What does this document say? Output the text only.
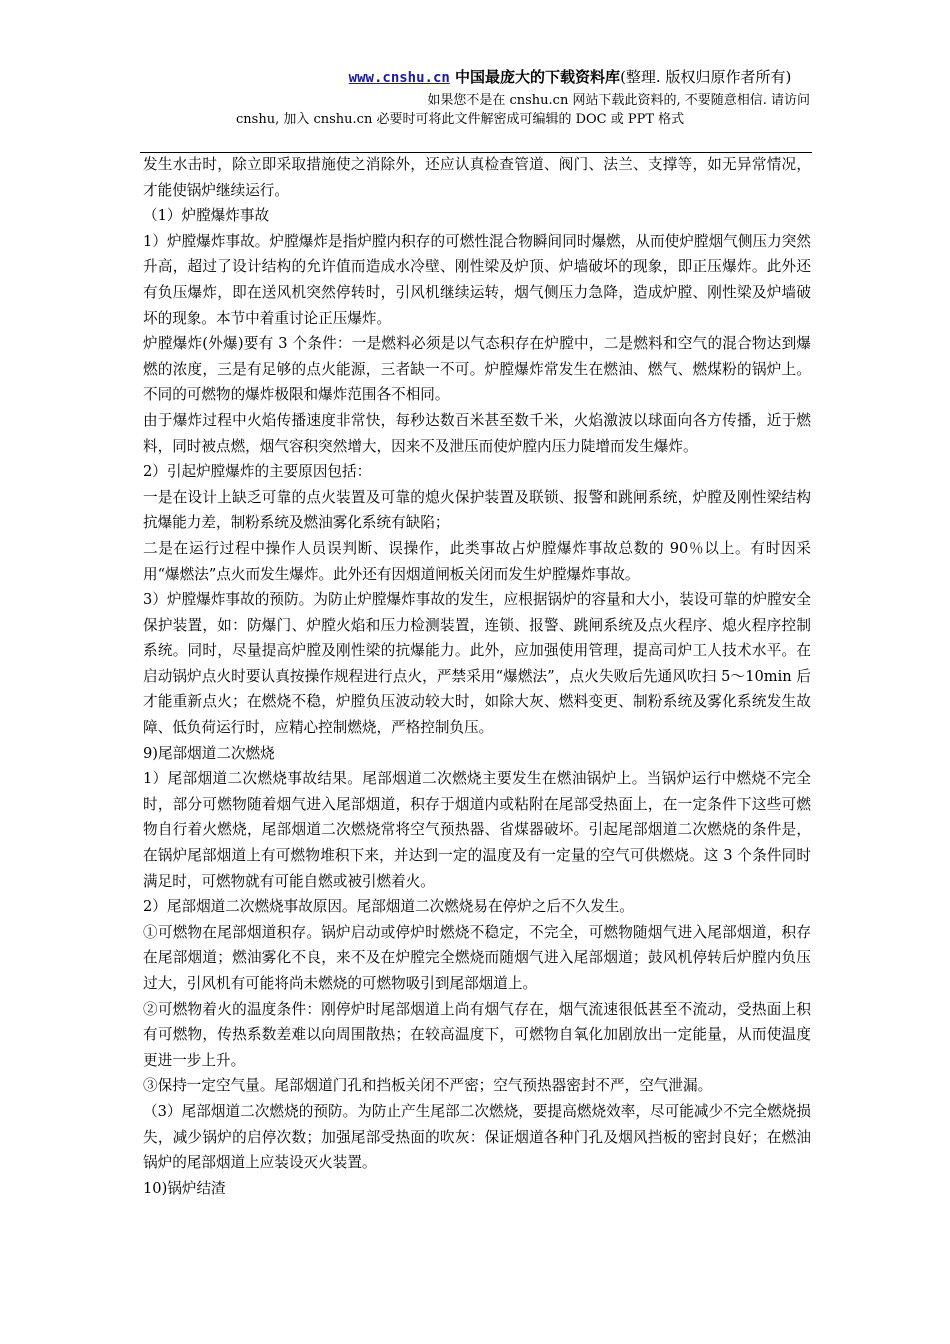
www.cnshu.cn 中国最庞大的下载资料库(整理. 版权归原作者所有)
如果您不是在 cnshu.cn 网站下载此资料的, 不要随意相信. 请访问
cnshu, 加入 cnshu.cn 必要时可将此文件解密成可编辑的 DOC 或 PPT 格式

发生水击时，除立即采取措施使之消除外，还应认真检查管道、阀门、法兰、支撑等，如无异常情况，才能使锅炉继续运行。

（1）炉膛爆炸事故

1）炉膛爆炸事故。炉膛爆炸是指炉膛内积存的可燃性混合物瞬间同时爆燃，从而使炉膛烟气侧压力突然升高，超过了设计结构的允许值而造成水冷壁、刚性梁及炉顶、炉墙破坏的现象，即正压爆炸。此外还有负压爆炸，即在送风机突然停转时，引风机继续运转，烟气侧压力急降，造成炉膛、刚性梁及炉墙破坏的现象。本节中着重讨论正压爆炸。

炉膛爆炸(外爆)要有 3 个条件：一是燃料必须是以气态积存在炉膛中，二是燃料和空气的混合物达到爆燃的浓度，三是有足够的点火能源，三者缺一不可。炉膛爆炸常发生在燃油、燃气、燃煤粉的锅炉上。不同的可燃物的爆炸极限和爆炸范围各不相同。

由于爆炸过程中火焰传播速度非常快，每秒达数百米甚至数千米，火焰激波以球面向各方传播，近于燃料，同时被点燃，烟气容积突然增大，因来不及泄压而使炉膛内压力陡增而发生爆炸。

2）引起炉膛爆炸的主要原因包括：

一是在设计上缺乏可靠的点火装置及可靠的熄火保护装置及联锁、报警和跳闸系统，炉膛及刚性梁结构抗爆能力差，制粉系统及燃油雾化系统有缺陷；

二是在运行过程中操作人员误判断、误操作，此类事故占炉膛爆炸事故总数的 90％以上。有时因采用“爆燃法”点火而发生爆炸。此外还有因烟道闸板关闭而发生炉膛爆炸事故。

3）炉膛爆炸事故的预防。为防止炉膛爆炸事故的发生，应根据锅炉的容量和大小，装设可靠的炉膛安全保护装置，如：防爆门、炉膛火焰和压力检测装置，连锁、报警、跳闸系统及点火程序、熄火程序控制系统。同时，尽量提高炉膛及刚性梁的抗爆能力。此外，应加强使用管理，提高司炉工人技术水平。在启动锅炉点火时要认真按操作规程进行点火，严禁采用“爆燃法”，点火失败后先通风吹扫 5～10min 后才能重新点火；在燃烧不稳，炉膛负压波动较大时，如除大灰、燃料变更、制粉系统及雾化系统发生故障、低负荷运行时，应精心控制燃烧，严格控制负压。

9)尾部烟道二次燃烧

1）尾部烟道二次燃烧事故结果。尾部烟道二次燃烧主要发生在燃油锅炉上。当锅炉运行中燃烧不完全时，部分可燃物随着烟气进入尾部烟道，积存于烟道内或粘附在尾部受热面上，在一定条件下这些可燃物自行着火燃烧，尾部烟道二次燃烧常将空气预热器、省煤器破坏。引起尾部烟道二次燃烧的条件是，在锅炉尾部烟道上有可燃物堆积下来，并达到一定的温度及有一定量的空气可供燃烧。这 3 个条件同时满足时，可燃物就有可能自燃或被引燃着火。

2）尾部烟道二次燃烧事故原因。尾部烟道二次燃烧易在停炉之后不久发生。

①可燃物在尾部烟道积存。锅炉启动或停炉时燃烧不稳定，不完全，可燃物随烟气进入尾部烟道，积存在尾部烟道；燃油雾化不良，来不及在炉膛完全燃烧而随烟气进入尾部烟道；鼓风机停转后炉膛内负压过大，引风机有可能将尚未燃烧的可燃物吸引到尾部烟道上。

②可燃物着火的温度条件：刚停炉时尾部烟道上尚有烟气存在，烟气流速很低甚至不流动，受热面上积有可燃物，传热系数差难以向周围散热；在较高温度下，可燃物自氧化加剧放出一定能量，从而使温度更进一步上升。

③保持一定空气量。尾部烟道门孔和挡板关闭不严密；空气预热器密封不严，空气泄漏。

（3）尾部烟道二次燃烧的预防。为防止产生尾部二次燃烧，要提高燃烧效率，尽可能减少不完全燃烧损失，减少锅炉的启停次数；加强尾部受热面的吹灰：保证烟道各种门孔及烟风挡板的密封良好；在燃油锅炉的尾部烟道上应装设灭火装置。

10)锅炉结渣
